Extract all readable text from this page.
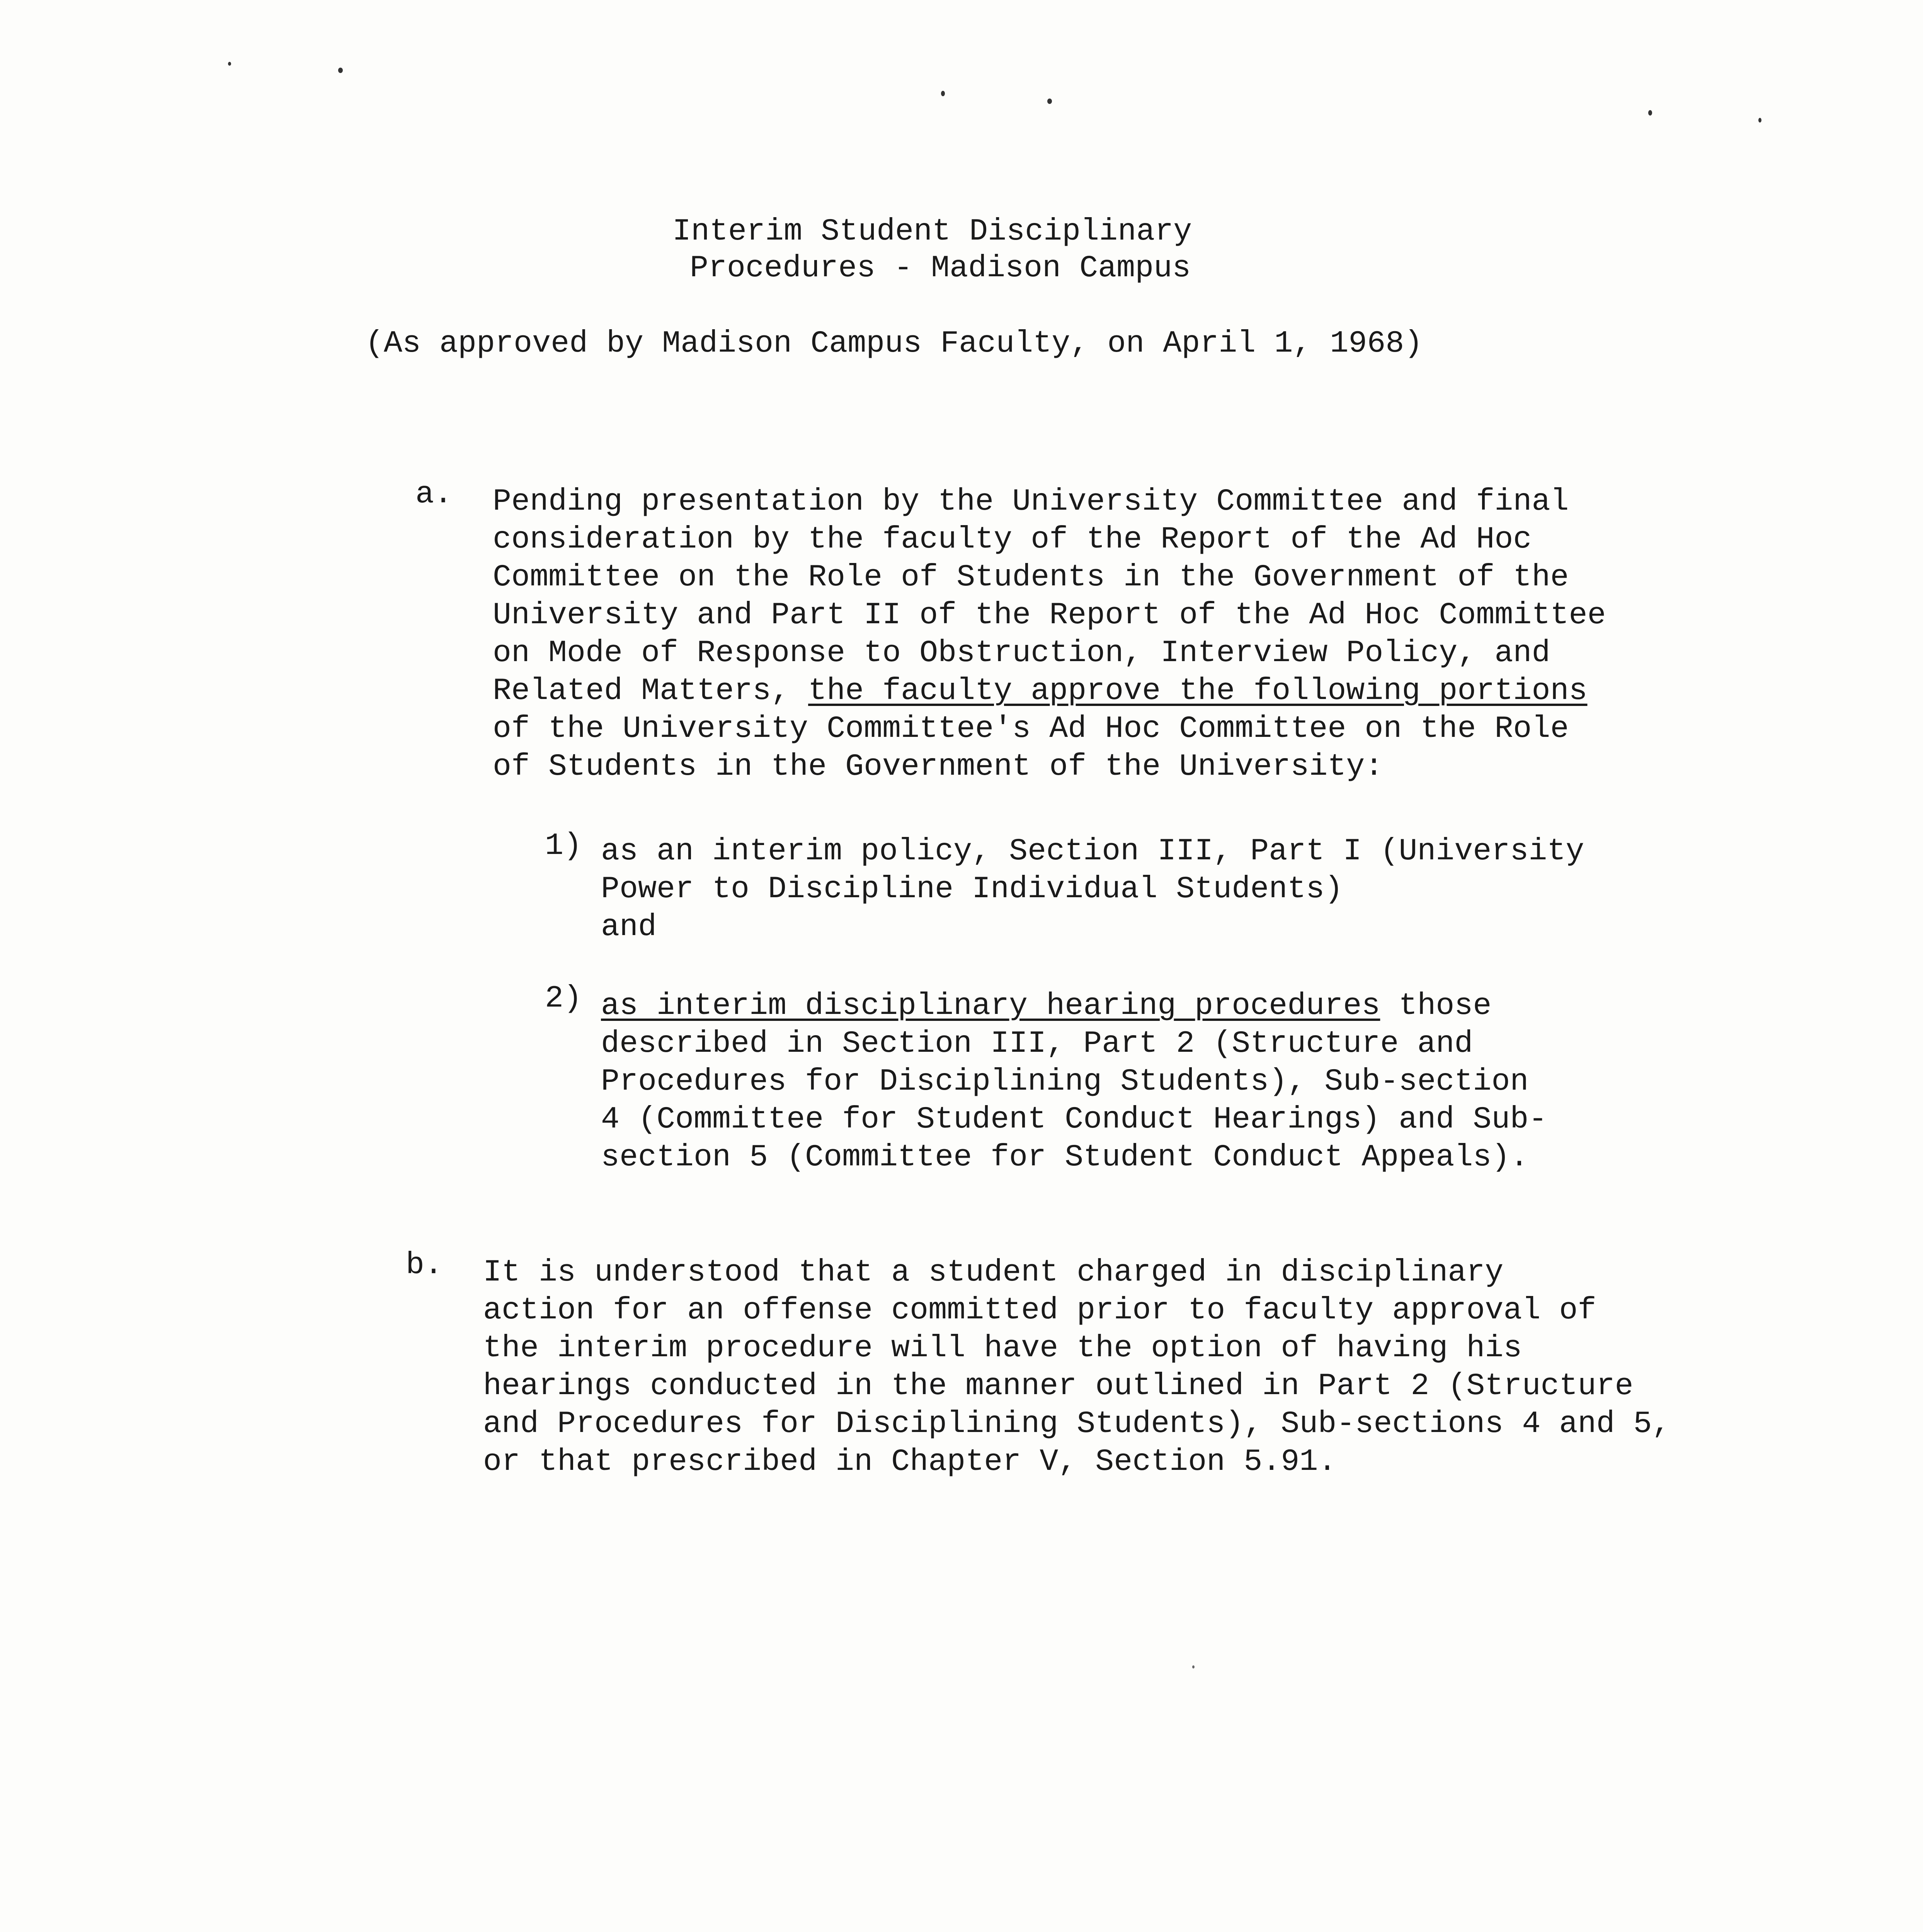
Interim Student Disciplinary
Procedures - Madison Campus
(As approved by Madison Campus Faculty, on April 1, 1968)
a. Pending presentation by the University Committee and final
consideration by the faculty of the Report of the Ad Hoc
Committee on the Role of Students in the Government of the
University and Part II of the Report of the Ad Hoc Committee
on Mode of Response to Obstruction, Interview Policy, and
Related Matters, the faculty approve the following portions
of the University Committee's Ad Hoc Committee on the Role
of Students in the Government of the University:
1) as an interim policy, Section III, Part I (University
Power to Discipline Individual Students)
and
2) as interim disciplinary hearing procedures those
described in Section III, Part 2 (Structure and
Procedures for Disciplining Students), Sub-section
4 (Committee for Student Conduct Hearings) and Sub-
section 5 (Committee for Student Conduct Appeals).
b. It is understood that a student charged in disciplinary
action for an offense committed prior to faculty approval of
the interim procedure will have the option of having his
hearings conducted in the manner outlined in Part 2 (Structure
and Procedures for Disciplining Students), Sub-sections 4 and 5,
or that prescribed in Chapter V, Section 5.91.
